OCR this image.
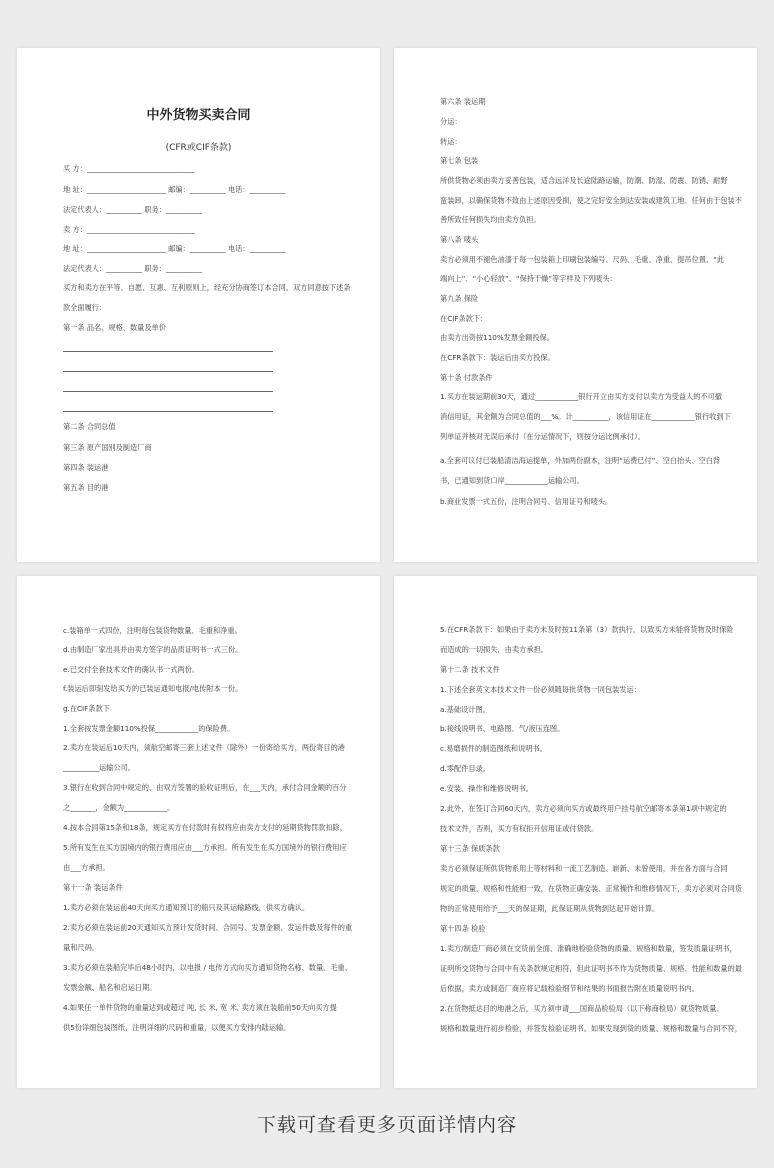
中外货物买卖合同
(CFR或CIF条款)
买 方：______________________________
地 址：______________________ 邮编：__________ 电话：__________
法定代表人：__________ 职务：__________
卖 方：______________________________
地 址：______________________ 邮编：__________ 电话：__________
法定代表人：__________ 职务：__________
买方和卖方在平等、自愿、互惠、互利原则上，经充分协商签订本合同，双方同意按下述条
款全面履行：
第一条 品名、规格、数量及单价
第二条 合同总值
第三条 原产国别及制造厂商
第四条 装运港
第五条 目的港
第六条 装运期
分运：
转运：
第七条 包装
所供货物必须由卖方妥善包装，适合远洋及长途陆路运输，防潮、防湿、防震、防锈、耐野
蛮装卸，以确保货物不致由上述原因受损，使之完好安全到达安装或建筑工地。任何由于包装不
善所致任何损失均由卖方负担。
第八条 唛头
卖方必须用不褪色油漆于每一包装箱上印刷包装编号、尺码、毛重、净重、提吊位置、“此
端向上”、“小心轻放”、“保持干燥”等字样及下列唛头：
第九条 保险
在CIF条款下：
由卖方出资按110%发票金额投保。
在CFR条款下：装运后由买方投保。
第十条 付款条件
1.买方在装运期前30天，通过____________银行开立由买方支付以卖方为受益人的不可撤
消信用证，其金额为合同总值的___%。计__________，该信用证在____________银行收到下
列单证并核对无误后承付（在分运情况下，则按分运比例承付）。
a.全套可议付已装船清洁海运提单，外加两份副本，注明“运费已付”、空白抬头、空白背
书，已通知到货口岸____________运输公司。
b.商业发票一式五份，注明合同号、信用证号和唛头。
c.装箱单一式四份，注明每包装货物数量、毛重和净重。
d.由制造厂家出具并由卖方签字的品质证明书一式三份。
e.已交付全套技术文件的确认书一式两份。
f.装运后即刻发给买方的已装运通知电报/电传附本一份。
g.在CIF条款下
1.全套按发票金额110%投保____________的保险费。
2.卖方在装运后10天内，须航空邮寄三套上述文件（除外）一份寄给买方，两份寄目的港
__________运输公司。
3.银行在收到合同中规定的、由双方签署的验收证明后，在___天内，承付合同金额的百分
之_______，金额为____________。
4.按本合同第15条和18条，规定买方在付款时有权将应由卖方支付的延期货物罚款扣除。
5.所有发生在买方国境内的银行费用应由___方承担。所有发生在买方国境外的银行费用应
由___方承担。
第十一条 装运条件
1.卖方必须在装运前40天向买方通知预订的船只及其运输路线，供买方确认。
2.卖方必须在装运前20天通知买方预计发货时间、合同号、发票金额、发运件数及每件的重
量和尺码。
3.卖方必须在装船完毕后48小时内，以电报 / 电传方式向买方通知货物名称、数量、毛重、
发票金额、船名和启运日期。
4.如果任一单件货物的重量达到或超过 吨, 长 米, 宽 米, 卖方须在装船前50天向买方提
供5份详细包装图纸，注明详细的尺码和重量，以便买方安排内陆运输。
5.在CFR条款下：如果由于卖方未及时按11条第（3）款执行，以致买方未能将货物及时保险
而造成的一切损失，由卖方承担。
第十二条 技术文件
1.下述全套英文本技术文件一份必须随每批货物一同包装发运：
a.基础设计图。
b.接线说明书、电路图、气/液压连图。
c.易磨损件的制造图纸和说明书。
d.零配件目录。
e.安装、操作和维修说明书。
2.此外，在签订合同60天内，卖方必须向买方或最终用户挂号航空邮寄本条第1项中规定的
技术文件，否则，买方有权拒开信用证或付货款。
第十三条 保质条款
卖方必须保证所供货物系用上等材料和一流工艺制造、崭新、未曾使用，并在各方面与合同
规定的质量、规格和性能相一致，在货物正确安装、正常操作和维修情况下，卖方必须对合同货
物的正常使用给予___天的保证期，此保证期从货物到达起开始计算。
第十四条 检验
1.卖方/制造厂商必须在交货前全面、准确地检验货物的质量、规格和数量，签发质量证明书，
证明所交货物与合同中有关条款规定相符，但此证明书不作为货物质量、规格、性能和数量的最
后依据，卖方或制造厂商应将记载检验细节和结果的书面报告附在质量说明书内。
2.在货物抵达目的地港之后，买方须申请___国商品检验局（以下称商检局）就货物质量、
规格和数量进行初步检验，并签发检验证明书。如果发现到货的质量、规格和数量与合同不符，
下载可查看更多页面详情内容
